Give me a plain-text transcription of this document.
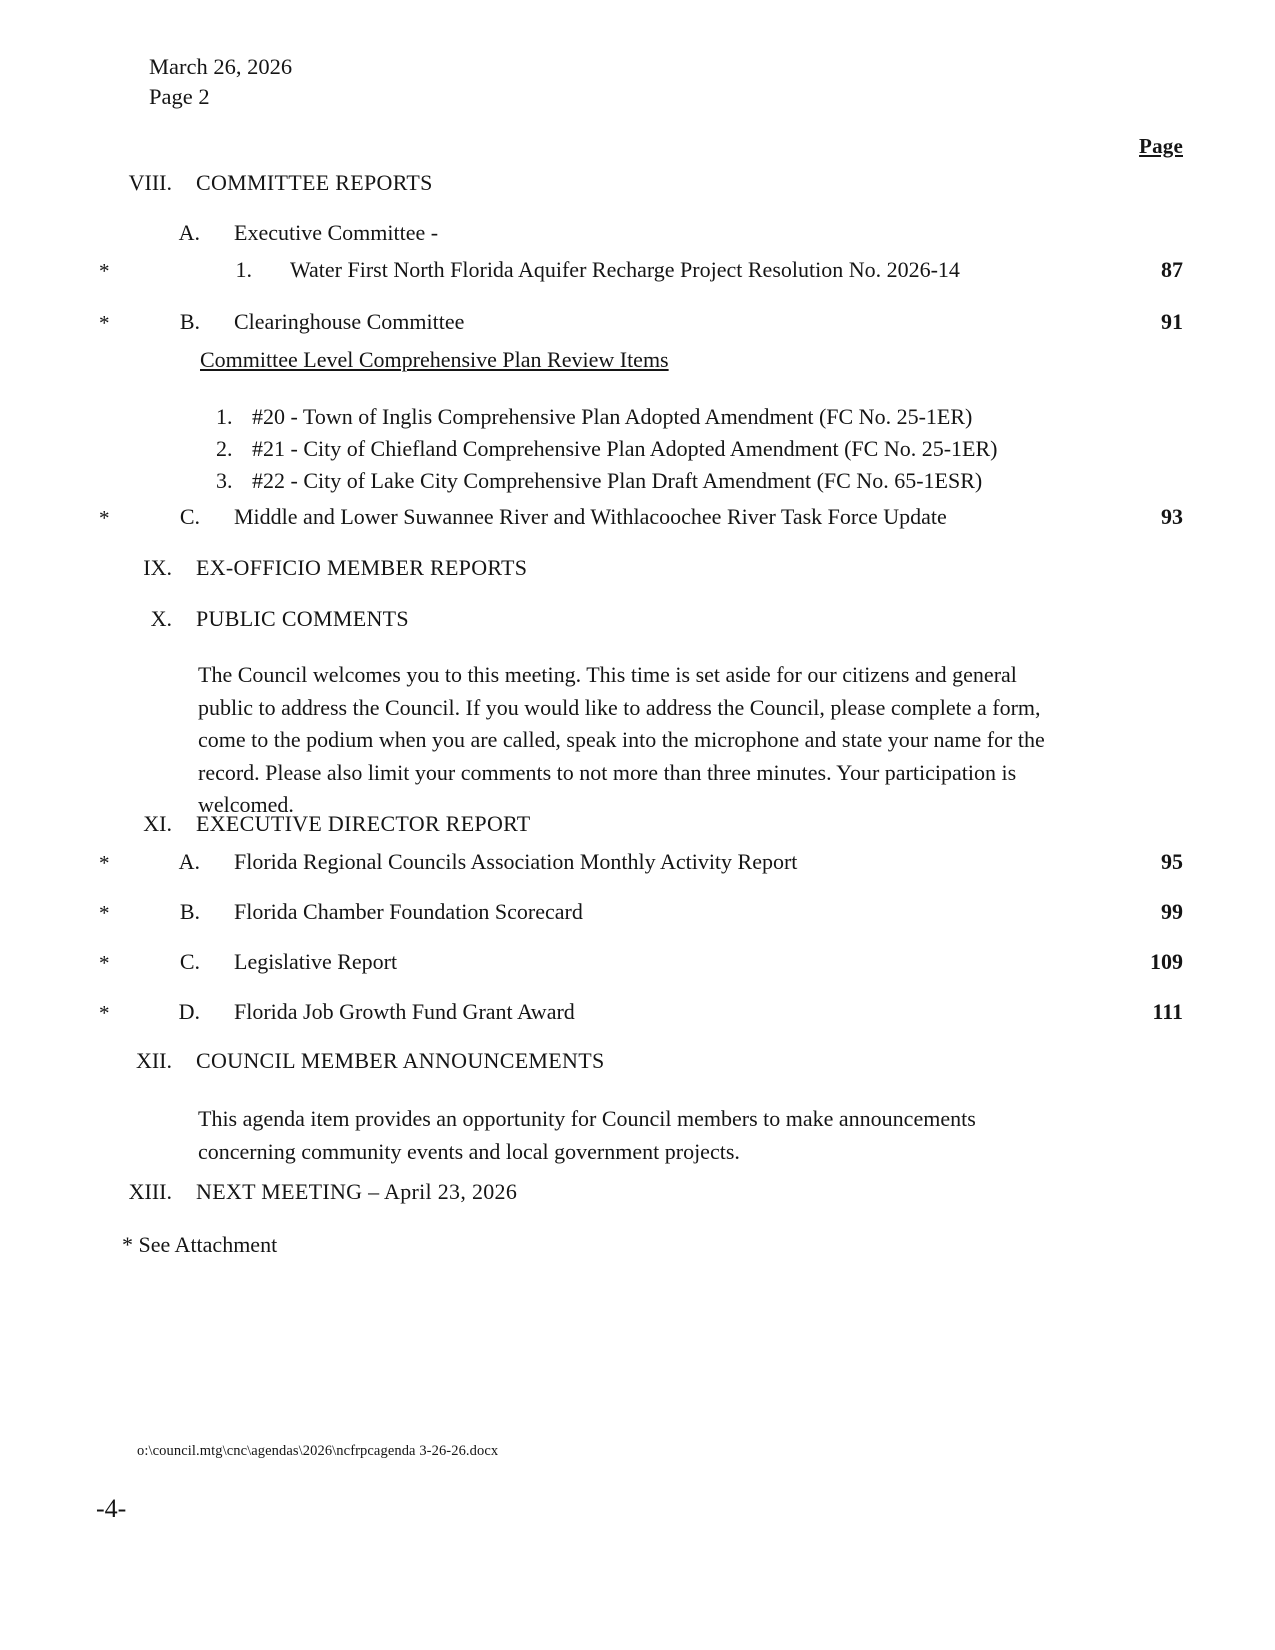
March 26, 2026
Page 2
Page
VIII. COMMITTEE REPORTS
A. Executive Committee -
*	1. Water First North Florida Aquifer Recharge Project Resolution No. 2026-14	87
*	B. Clearinghouse Committee	91
Committee Level Comprehensive Plan Review Items
1. #20 - Town of Inglis Comprehensive Plan Adopted Amendment (FC No. 25-1ER)
2. #21 - City of Chiefland Comprehensive Plan Adopted Amendment (FC No. 25-1ER)
3. #22 - City of Lake City Comprehensive Plan Draft Amendment (FC No. 65-1ESR)
*	C. Middle and Lower Suwannee River and Withlacoochee River Task Force Update	93
IX. EX-OFFICIO MEMBER REPORTS
X. PUBLIC COMMENTS
The Council welcomes you to this meeting. This time is set aside for our citizens and general public to address the Council. If you would like to address the Council, please complete a form, come to the podium when you are called, speak into the microphone and state your name for the record. Please also limit your comments to not more than three minutes. Your participation is welcomed.
XI. EXECUTIVE DIRECTOR REPORT
*	A. Florida Regional Councils Association Monthly Activity Report	95
*	B. Florida Chamber Foundation Scorecard	99
*	C. Legislative Report	109
*	D. Florida Job Growth Fund Grant Award	111
XII. COUNCIL MEMBER ANNOUNCEMENTS
This agenda item provides an opportunity for Council members to make announcements concerning community events and local government projects.
XIII. NEXT MEETING – April 23, 2026
* See Attachment
o:\council.mtg\cnc\agendas\2026\ncfrpcagenda 3-26-26.docx
-4-
